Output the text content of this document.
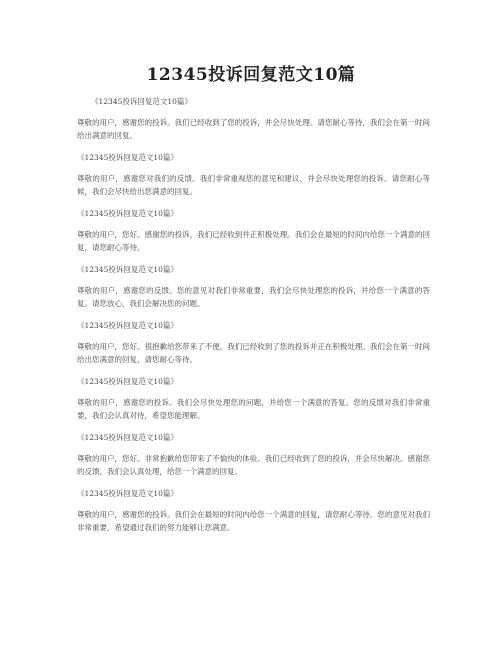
12345投诉回复范文10篇

《12345投诉回复范文10篇》

尊敬的用户，感谢您的投诉。我们已经收到了您的投诉，并会尽快处理。请您耐心等待，我们会在第一时间给出满意的回复。

《12345投诉回复范文10篇》

尊敬的用户，感谢您对我们的反馈。我们非常重视您的意见和建议，并会尽快处理您的投诉。请您耐心等候，我们会尽快给出您满意的回复。

《12345投诉回复范文10篇》

尊敬的用户，您好。感谢您的投诉，我们已经收到并正积极处理。我们会在最短的时间内给您一个满意的回复，请您耐心等待。

《12345投诉回复范文10篇》

尊敬的用户，感谢您的反馈。您的意见对我们非常重要，我们会尽快处理您的投诉，并给您一个满意的答复。请您放心，我们会解决您的问题。

《12345投诉回复范文10篇》

尊敬的用户，您好。很抱歉给您带来了不便，我们已经收到了您的投诉并正在积极处理。我们会在第一时间给出您满意的回复，请您耐心等待。

《12345投诉回复范文10篇》

尊敬的用户，感谢您的投诉。我们会尽快处理您的问题，并给您一个满意的答复。您的反馈对我们非常重要，我们会认真对待，希望您能理解。

《12345投诉回复范文10篇》

尊敬的用户，您好。非常抱歉给您带来了不愉快的体验。我们已经收到了您的投诉，并会尽快解决。感谢您的反馈，我们会认真处理，给您一个满意的回复。

《12345投诉回复范文10篇》

尊敬的用户，感谢您的投诉。我们会在最短的时间内给您一个满意的回复，请您耐心等待。您的意见对我们非常重要，希望通过我们的努力能够让您满意。
